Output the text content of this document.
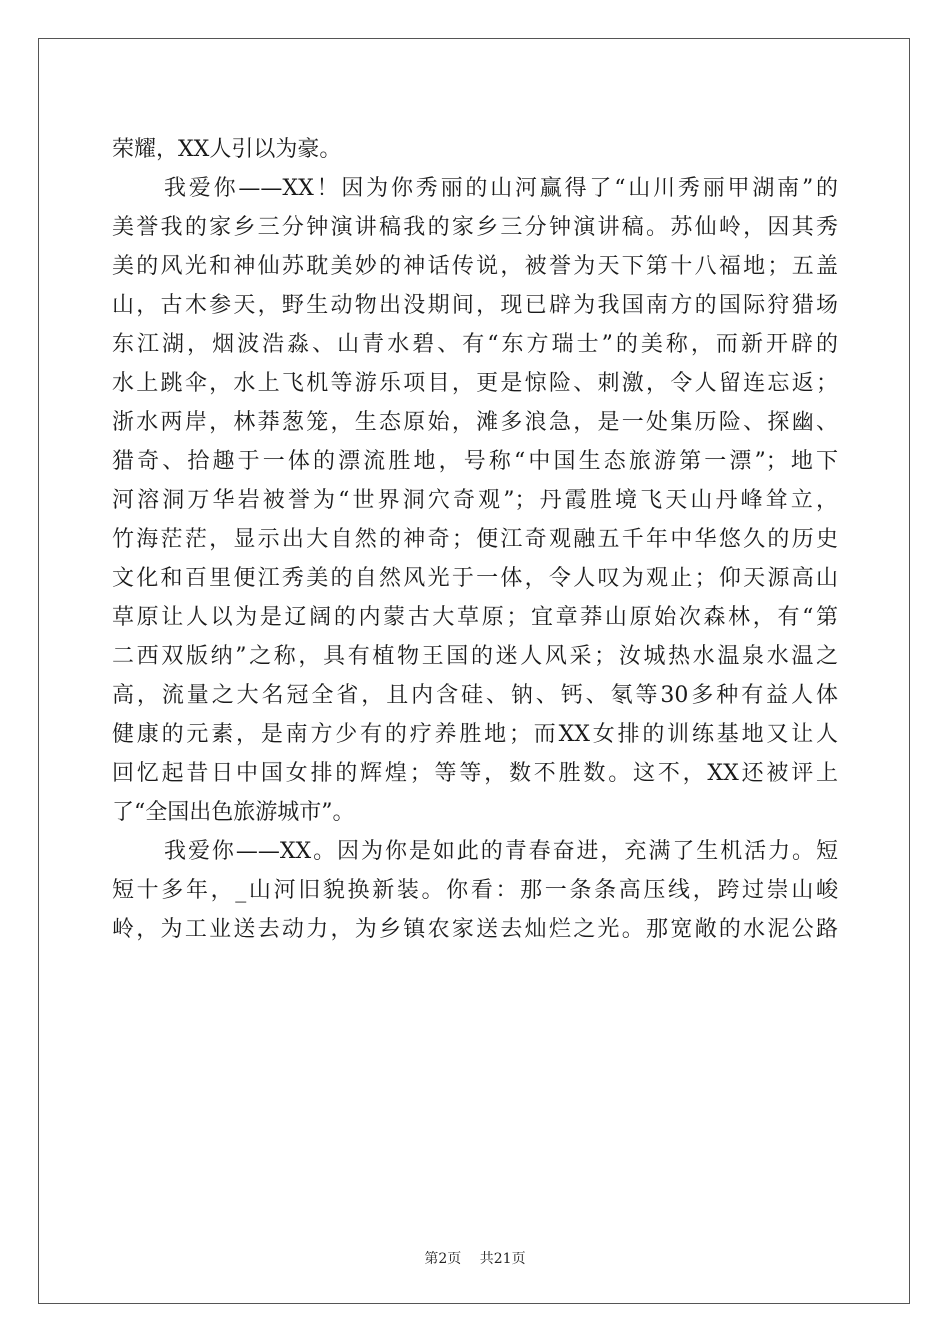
荣耀，XX人引以为豪。
我爱你——XX！因为你秀丽的山河赢得了“山川秀丽甲湖南”的
美誉我的家乡三分钟演讲稿我的家乡三分钟演讲稿。苏仙岭，因其秀
美的风光和神仙苏耽美妙的神话传说，被誉为天下第十八福地；五盖
山，古木参天，野生动物出没期间，现已辟为我国南方的国际狩猎场
东江湖，烟波浩淼、山青水碧、有“东方瑞士”的美称，而新开辟的
水上跳伞，水上飞机等游乐项目，更是惊险、刺激，令人留连忘返；
浙水两岸，林莽葱笼，生态原始，滩多浪急，是一处集历险、探幽、
猎奇、拾趣于一体的漂流胜地，号称“中国生态旅游第一漂”；地下
河溶洞万华岩被誉为“世界洞穴奇观”；丹霞胜境飞天山丹峰耸立，
竹海茫茫，显示出大自然的神奇；便江奇观融五千年中华悠久的历史
文化和百里便江秀美的自然风光于一体，令人叹为观止；仰天源高山
草原让人以为是辽阔的内蒙古大草原；宜章莽山原始次森林，有“第
二西双版纳”之称，具有植物王国的迷人风采；汝城热水温泉水温之
高，流量之大名冠全省，且内含硅、钠、钙、氡等30多种有益人体
健康的元素，是南方少有的疗养胜地；而XX女排的训练基地又让人
回忆起昔日中国女排的辉煌；等等，数不胜数。这不，XX还被评上
了“全国出色旅游城市”。
我爱你——XX。因为你是如此的青春奋进，充满了生机活力。短
短十多年，_山河旧貌换新装。你看：那一条条高压线，跨过崇山峻
岭，为工业送去动力，为乡镇农家送去灿烂之光。那宽敞的水泥公路
第2页 共21页
